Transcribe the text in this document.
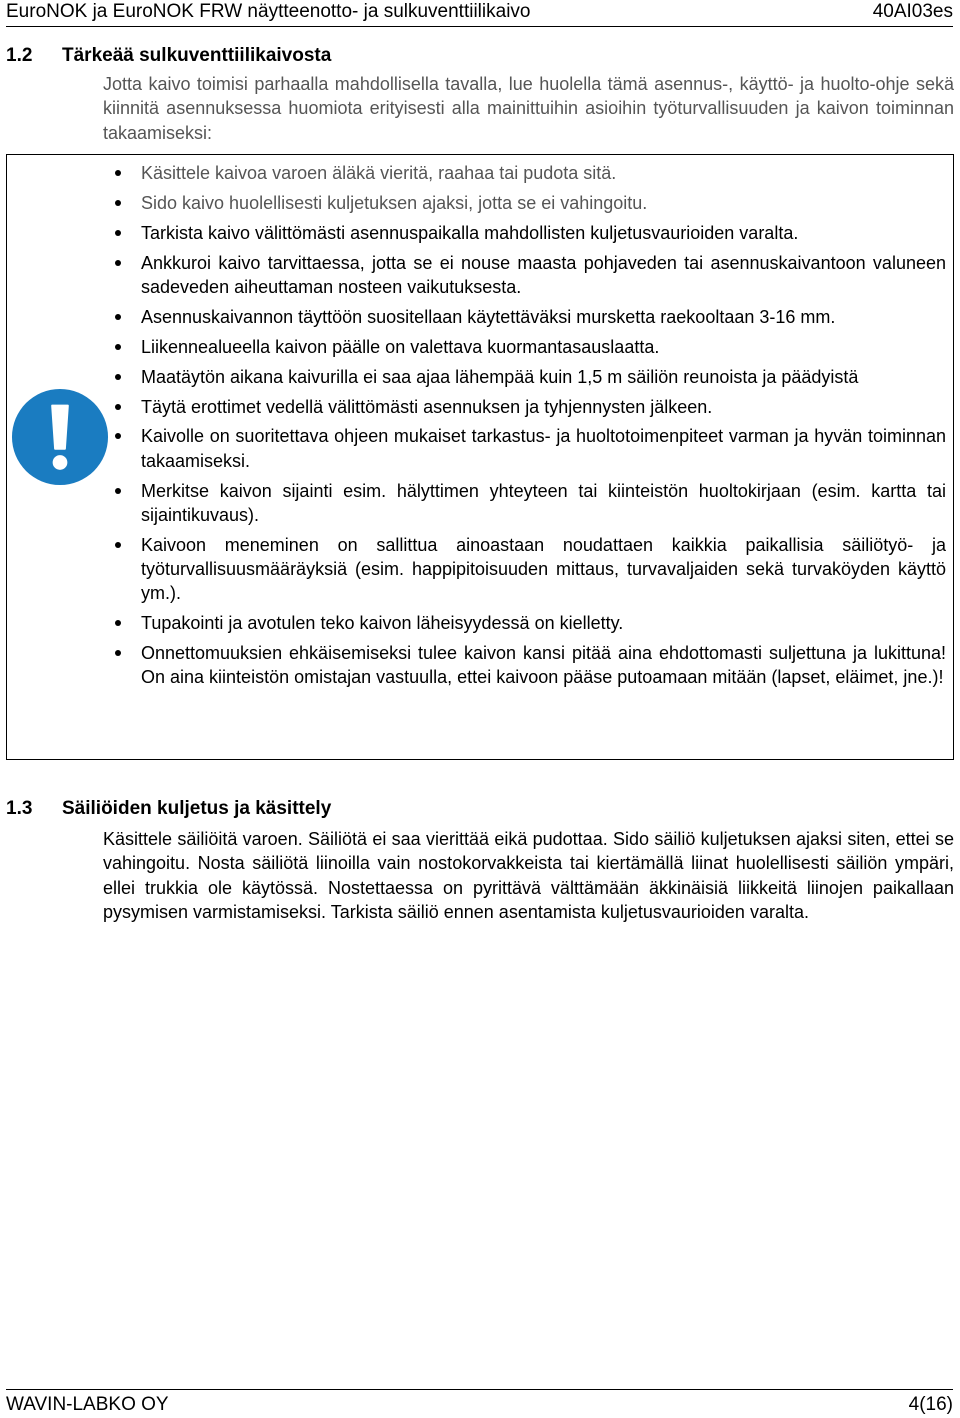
EuroNOK ja EuroNOK FRW näytteenotto- ja sulkuventtiilikaivo	40AI03es
1.2 Tärkeää sulkuventtiilikaivosta
Jotta kaivo toimisi parhaalla mahdollisella tavalla, lue huolella tämä asennus-, käyttö- ja huolto-ohje sekä kiinnitä asennuksessa huomiota erityisesti alla mainittuihin asioihin työturvallisuuden ja kaivon toiminnan takaamiseksi:
Käsittele kaivoa varoen äläkä vieritä, raahaa tai pudota sitä.
Sido kaivo huolellisesti kuljetuksen ajaksi, jotta se ei vahingoitu.
Tarkista kaivo välittömästi asennuspaikalla mahdollisten kuljetusvaurioiden varalta.
Ankkuroi kaivo tarvittaessa, jotta se ei nouse maasta pohjaveden tai asennuskaivantoon valuneen sadeveden aiheuttaman nosteen vaikutuksesta.
Asennuskaivannon täyttöön suositellaan käytettäväksi mursketta raekooltaan 3-16 mm.
Liikennealueella kaivon päälle on valettava kuormantasauslaatta.
Maatäytön aikana kaivurilla ei saa ajaa lähempää kuin 1,5 m säiliön reunoista ja päädyistä
Täytä erottimet vedellä välittömästi asennuksen ja tyhjennysten jälkeen.
Kaivolle on suoritettava ohjeen mukaiset tarkastus- ja huoltotoimenpiteet varman ja hyvän toiminnan takaamiseksi.
Merkitse kaivon sijainti esim. hälyttimen yhteyteen tai kiinteistön huoltokirjaan (esim. kartta tai sijaintikuvaus).
Kaivoon meneminen on sallittua ainoastaan noudattaen kaikkia paikallisia säiliötyö- ja työturvallisuusmääräyksiä (esim. happipitoisuuden mittaus, turvavaljaiden sekä turvaköyden käyttö ym.).
Tupakointi ja avotulen teko kaivon läheisyydessä on kielletty.
Onnettomuuksien ehkäisemiseksi tulee kaivon kansi pitää aina ehdottomasti suljettuna ja lukittuna! On aina kiinteistön omistajan vastuulla, ettei kaivoon pääse putoamaan mitään (lapset, eläimet, jne.)!
1.3 Säiliöiden kuljetus ja käsittely
Käsittele säiliöitä varoen. Säiliötä ei saa vierittää eikä pudottaa. Sido säiliö kuljetuksen ajaksi siten, ettei se vahingoitu. Nosta säiliötä liinoilla vain nostokorvakkeista tai kiertämällä liinat huolellisesti säiliön ympäri, ellei trukkia ole käytössä. Nostettaessa on pyrittävä välttämään äkkinäisiä liikkeitä liinojen paikallaan pysymisen varmistamiseksi. Tarkista säiliö ennen asentamista kuljetusvaurioiden varalta.
WAVIN-LABKO OY	4(16)
